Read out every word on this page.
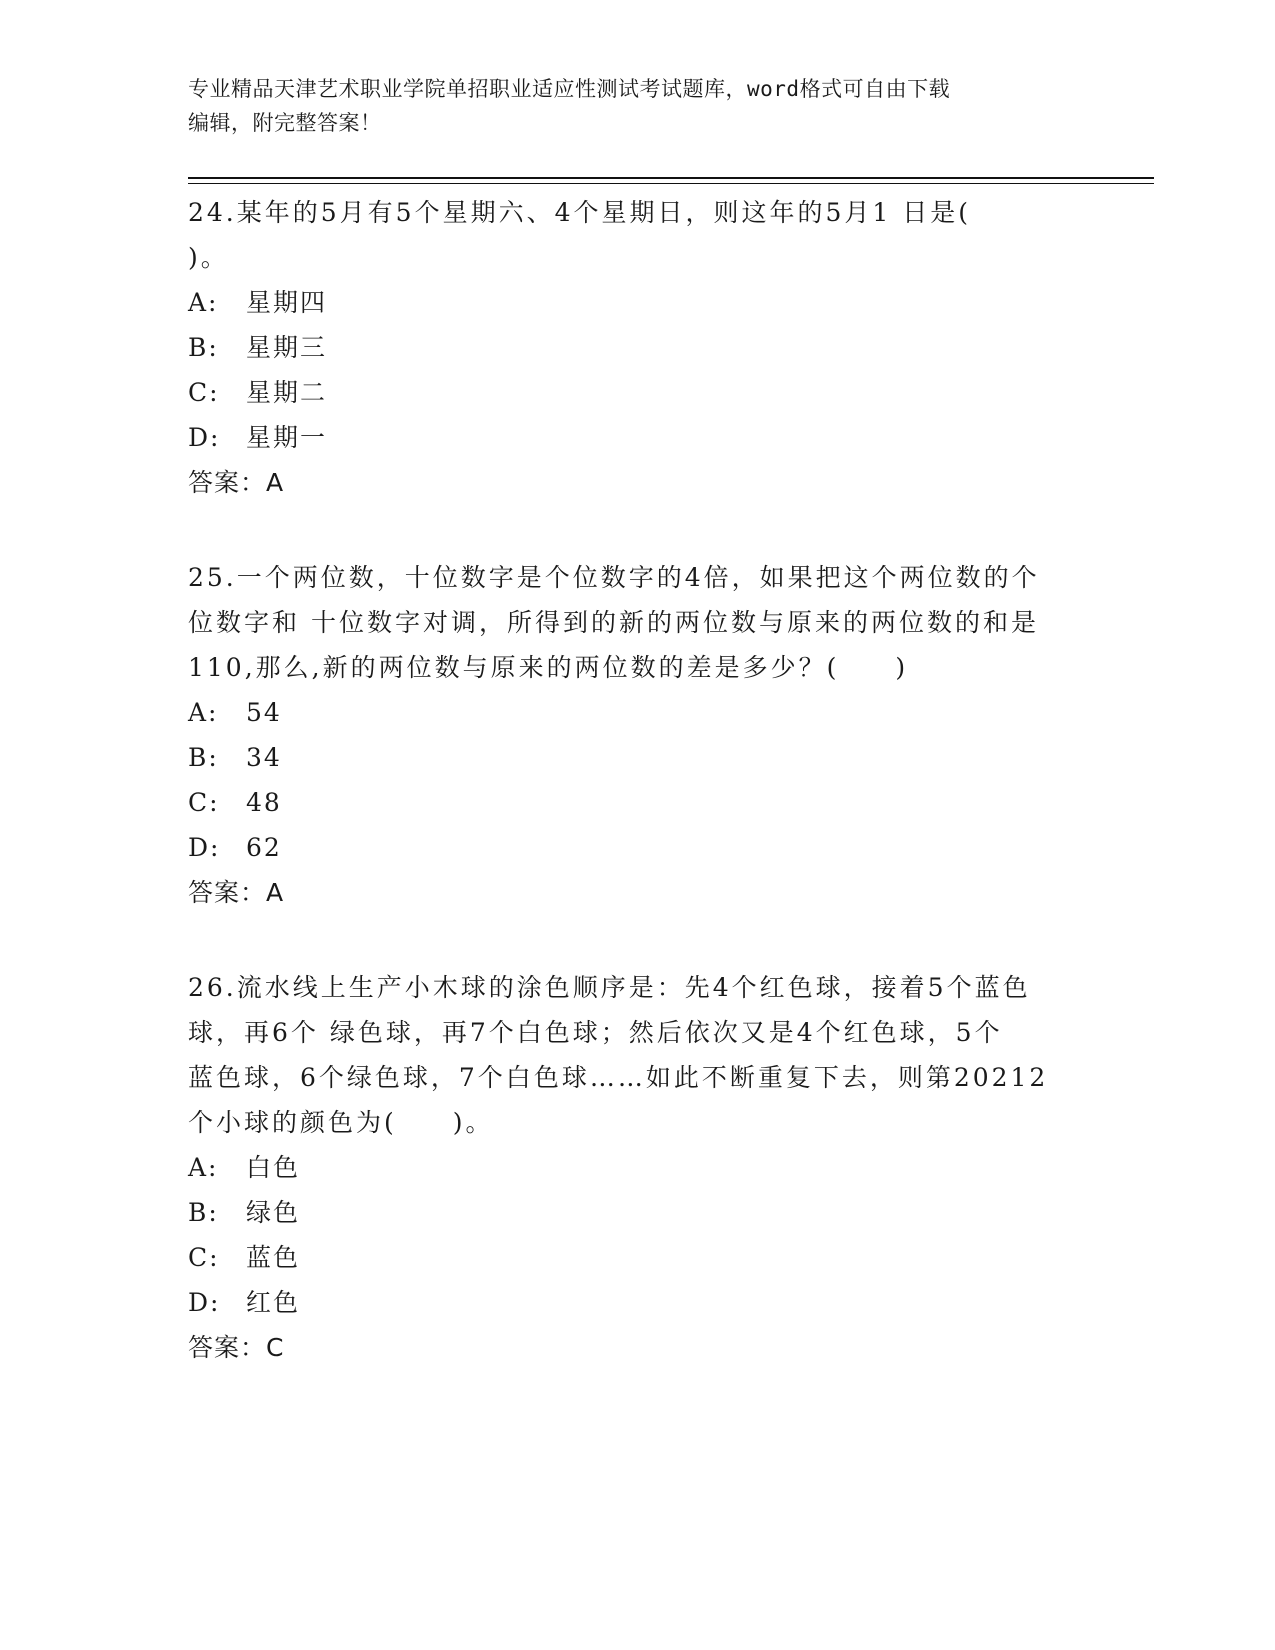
专业精品天津艺术职业学院单招职业适应性测试考试题库，word格式可自由下载
编辑，附完整答案！

24.某年的5月有5个星期六、4个星期日，则这年的5月1 日是(

)。

A:	星期四
B:	星期三
C:	星期二
D:	星期一

答案：A

25.一个两位数，十位数字是个位数字的4倍，如果把这个两位数的个

位数字和 十位数字对调，所得到的新的两位数与原来的两位数的和是

110,那么,新的两位数与原来的两位数的差是多少？(　　)

A:	54
B:	34
C:	48
D:	62

答案：A

26.流水线上生产小木球的涂色顺序是：先4个红色球，接着5个蓝色

球，再6个 绿色球，再7个白色球；然后依次又是4个红色球，5个

蓝色球，6个绿色球，7个白色球……如此不断重复下去，则第20212

个小球的颜色为(　　)。

A:	白色
B:	绿色
C:	蓝色
D:	红色

答案：C
